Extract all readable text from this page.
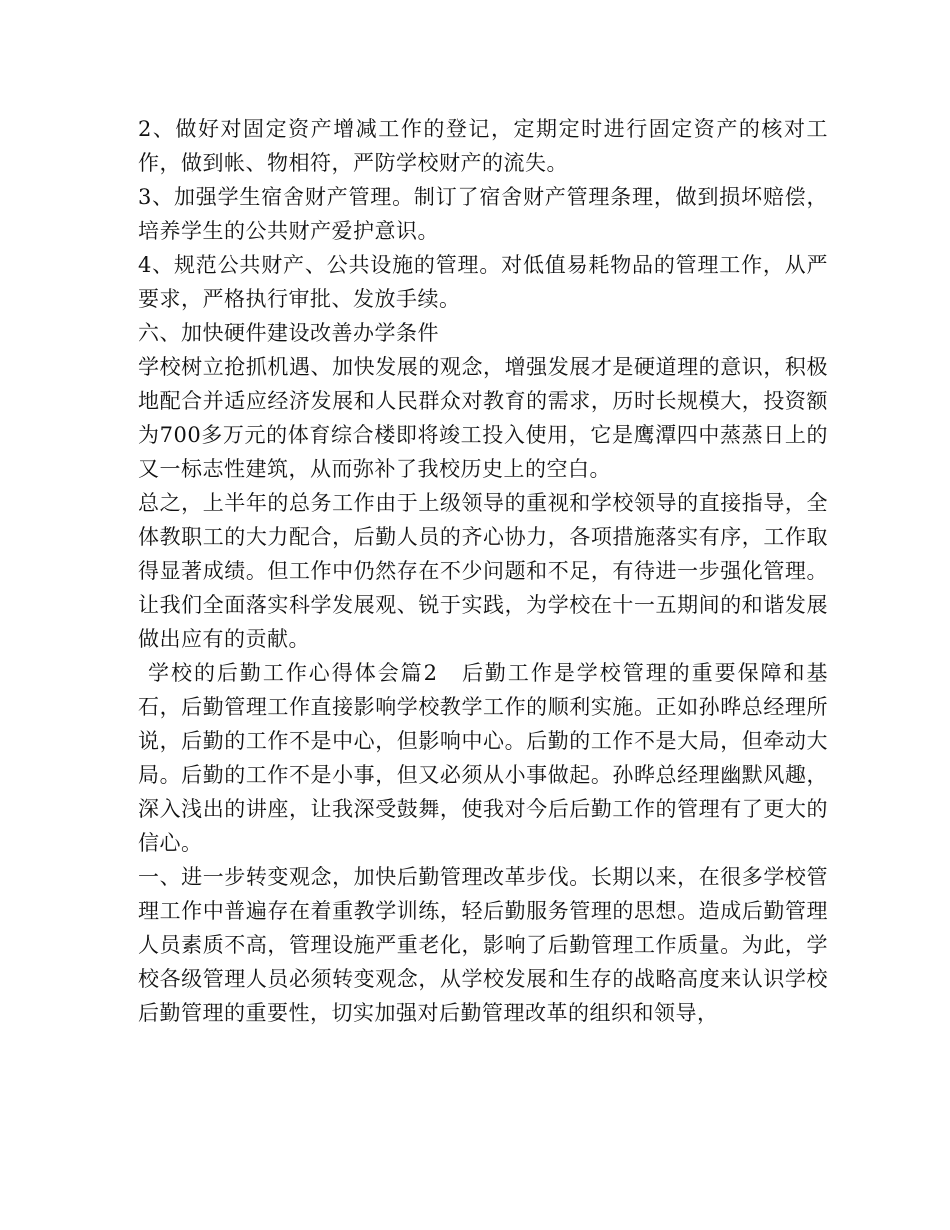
2、做好对固定资产增减工作的登记，定期定时进行固定资产的核对工作，做到帐、物相符，严防学校财产的流失。

3、加强学生宿舍财产管理。制订了宿舍财产管理条理，做到损坏赔偿，培养学生的公共财产爱护意识。

4、规范公共财产、公共设施的管理。对低值易耗物品的管理工作，从严要求，严格执行审批、发放手续。

六、加快硬件建设改善办学条件

学校树立抢抓机遇、加快发展的观念，增强发展才是硬道理的意识，积极地配合并适应经济发展和人民群众对教育的需求，历时长规模大，投资额为700多万元的体育综合楼即将竣工投入使用，它是鹰潭四中蒸蒸日上的又一标志性建筑，从而弥补了我校历史上的空白。

总之，上半年的总务工作由于上级领导的重视和学校领导的直接指导，全体教职工的大力配合，后勤人员的齐心协力，各项措施落实有序，工作取得显著成绩。但工作中仍然存在不少问题和不足，有待进一步强化管理。让我们全面落实科学发展观、锐于实践，为学校在十一五期间的和谐发展做出应有的贡献。

学校的后勤工作心得体会篇2　后勤工作是学校管理的重要保障和基石，后勤管理工作直接影响学校教学工作的顺利实施。正如孙晔总经理所说，后勤的工作不是中心，但影响中心。后勤的工作不是大局，但牵动大局。后勤的工作不是小事，但又必须从小事做起。孙晔总经理幽默风趣，深入浅出的讲座，让我深受鼓舞，使我对今后后勤工作的管理有了更大的信心。

一、进一步转变观念，加快后勤管理改革步伐。长期以来，在很多学校管理工作中普遍存在着重教学训练，轻后勤服务管理的思想。造成后勤管理人员素质不高，管理设施严重老化，影响了后勤管理工作质量。为此，学校各级管理人员必须转变观念，从学校发展和生存的战略高度来认识学校后勤管理的重要性，切实加强对后勤管理改革的组织和领导，
